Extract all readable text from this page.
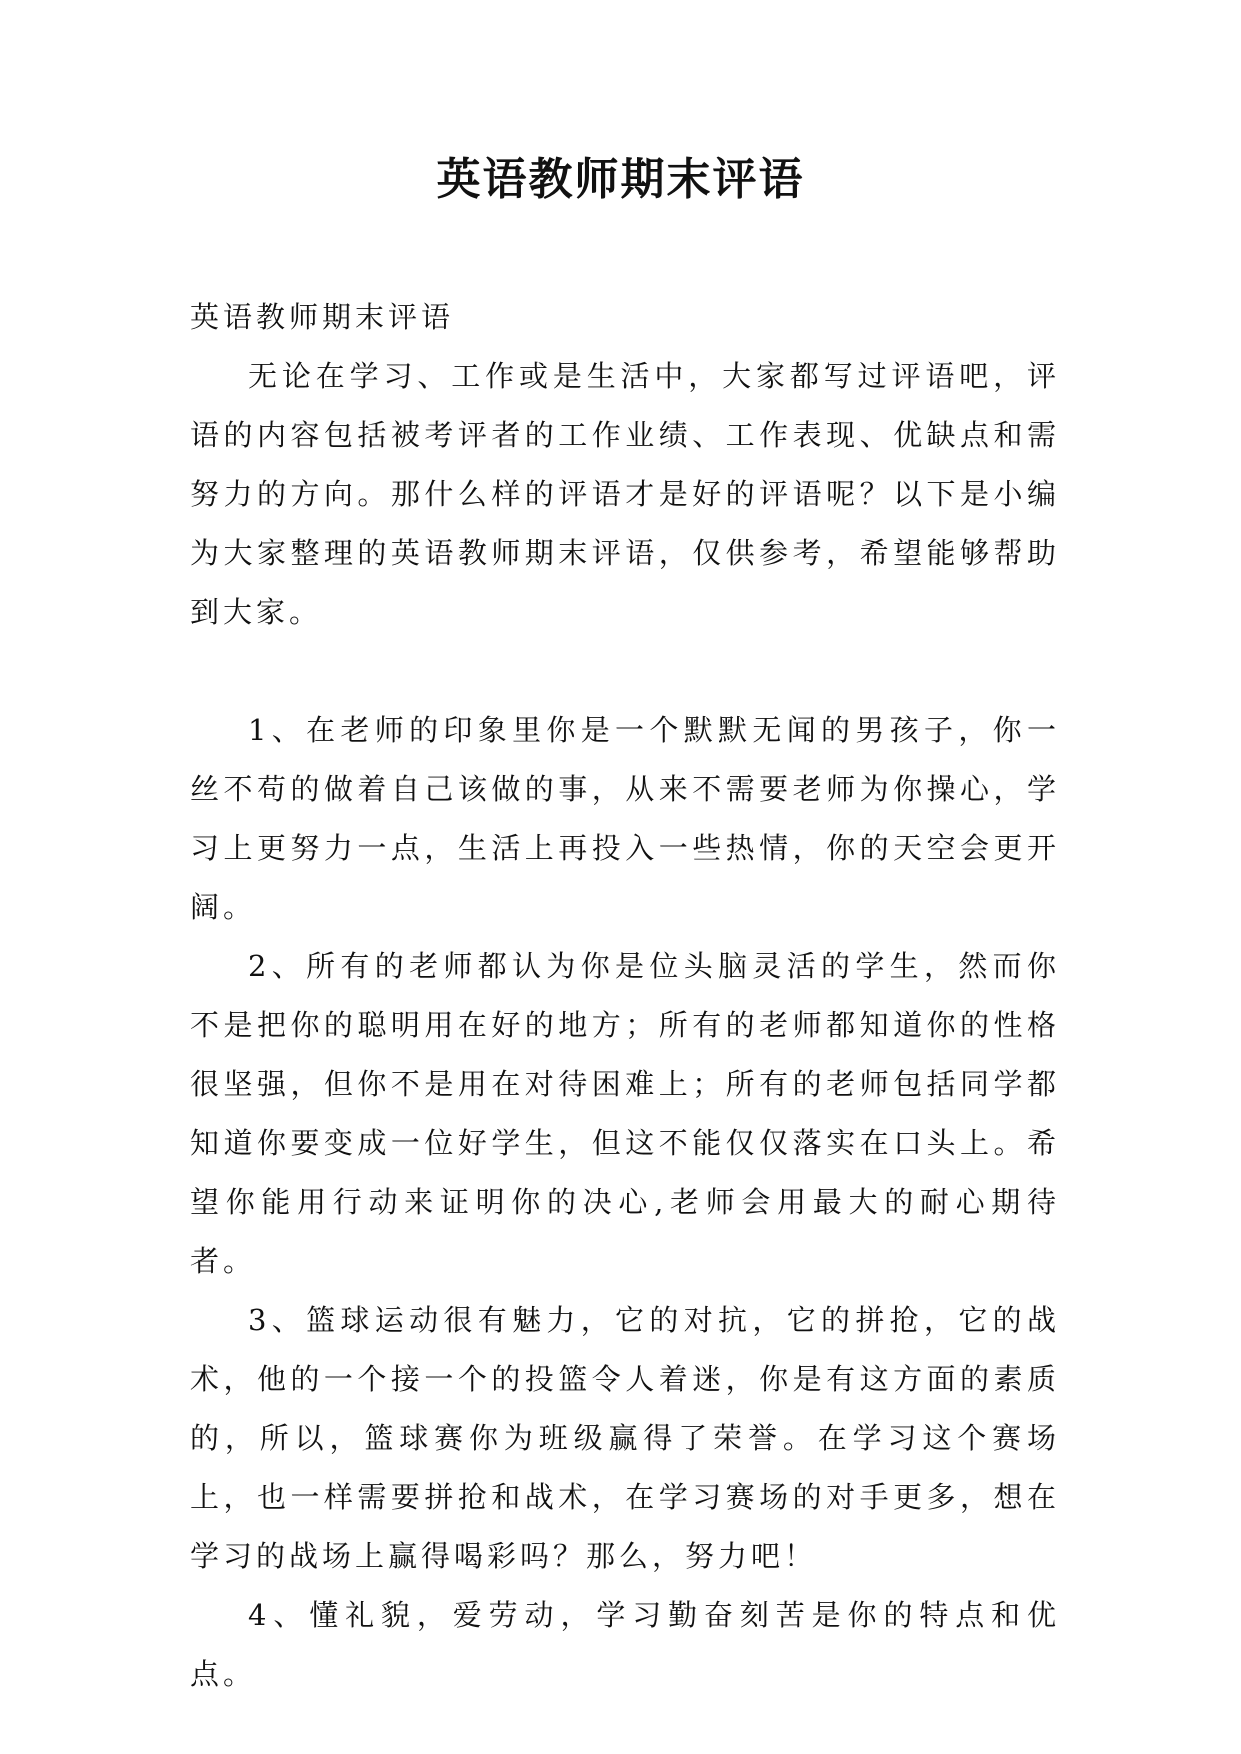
英语教师期末评语

英语教师期末评语

无论在学习、工作或是生活中，大家都写过评语吧，评语的内容包括被考评者的工作业绩、工作表现、优缺点和需努力的方向。那什么样的评语才是好的评语呢？以下是小编为大家整理的英语教师期末评语，仅供参考，希望能够帮助到大家。

1、在老师的印象里你是一个默默无闻的男孩子，你一丝不苟的做着自己该做的事，从来不需要老师为你操心，学习上更努力一点，生活上再投入一些热情，你的天空会更开阔。

2、所有的老师都认为你是位头脑灵活的学生，然而你不是把你的聪明用在好的地方；所有的老师都知道你的性格很坚强，但你不是用在对待困难上；所有的老师包括同学都知道你要变成一位好学生，但这不能仅仅落实在口头上。希望你能用行动来证明你的决心,老师会用最大的耐心期待者。

3、篮球运动很有魅力，它的对抗，它的拼抢，它的战术，他的一个接一个的投篮令人着迷，你是有这方面的素质的，所以，篮球赛你为班级赢得了荣誉。在学习这个赛场上，也一样需要拼抢和战术，在学习赛场的对手更多，想在学习的战场上赢得喝彩吗？那么，努力吧！

4、懂礼貌，爱劳动，学习勤奋刻苦是你的特点和优点。
